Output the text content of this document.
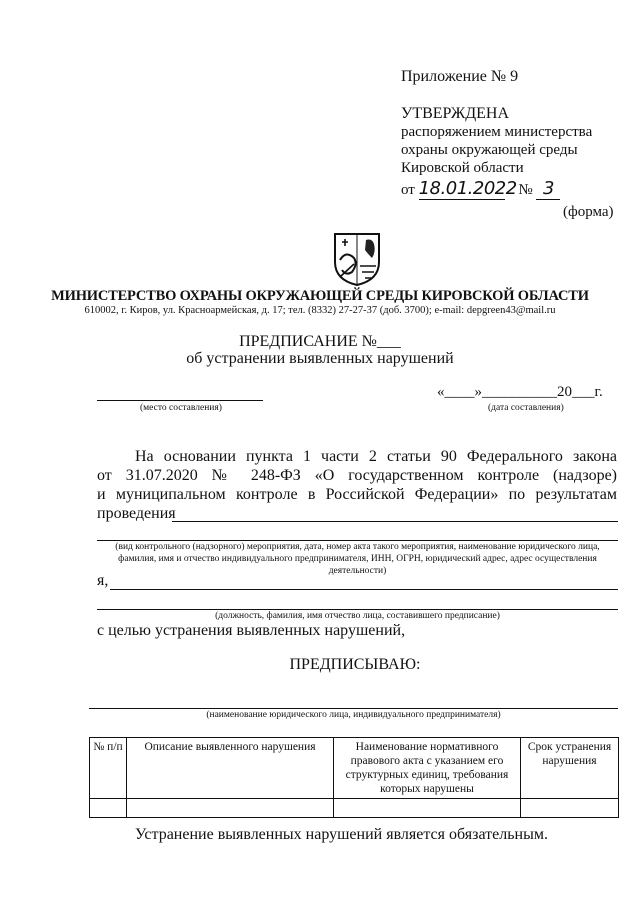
Приложение № 9
УТВЕРЖДЕНА
распоряжением министерства
охраны окружающей среды
Кировской области
от 18.01.2022 № 3
(форма)
МИНИСТЕРСТВО ОХРАНЫ ОКРУЖАЮЩЕЙ СРЕДЫ КИРОВСКОЙ ОБЛАСТИ
610002, г. Киров, ул. Красноармейская, д. 17; тел. (8332) 27-27-37 (доб. 3700); e-mail: depgreen43@mail.ru
ПРЕДПИСАНИЕ №___
об устранении выявленных нарушений
(место составления)
«____»__________20___г.
(дата составления)
На основании пункта 1 части 2 статьи 90 Федерального закона
от 31.07.2020 № 248-ФЗ «О государственном контроле (надзоре)
и муниципальном контроле в Российской Федерации» по результатам
проведения
(вид контрольного (надзорного) мероприятия, дата, номер акта такого мероприятия, наименование юридического лица, фамилия, имя и отчество индивидуального предпринимателя, ИНН, ОГРН, юридический адрес, адрес осуществления деятельности)
я,
(должность, фамилия, имя отчество лица, составившего предписание)
с целью устранения выявленных нарушений,
ПРЕДПИСЫВАЮ:
(наименование юридического лица, индивидуального предпринимателя)
№ п/п	Описание выявленного нарушения	Наименование нормативного правового акта с указанием его структурных единиц, требования которых нарушены	Срок устранения нарушения

Устранение выявленных нарушений является обязательным.
